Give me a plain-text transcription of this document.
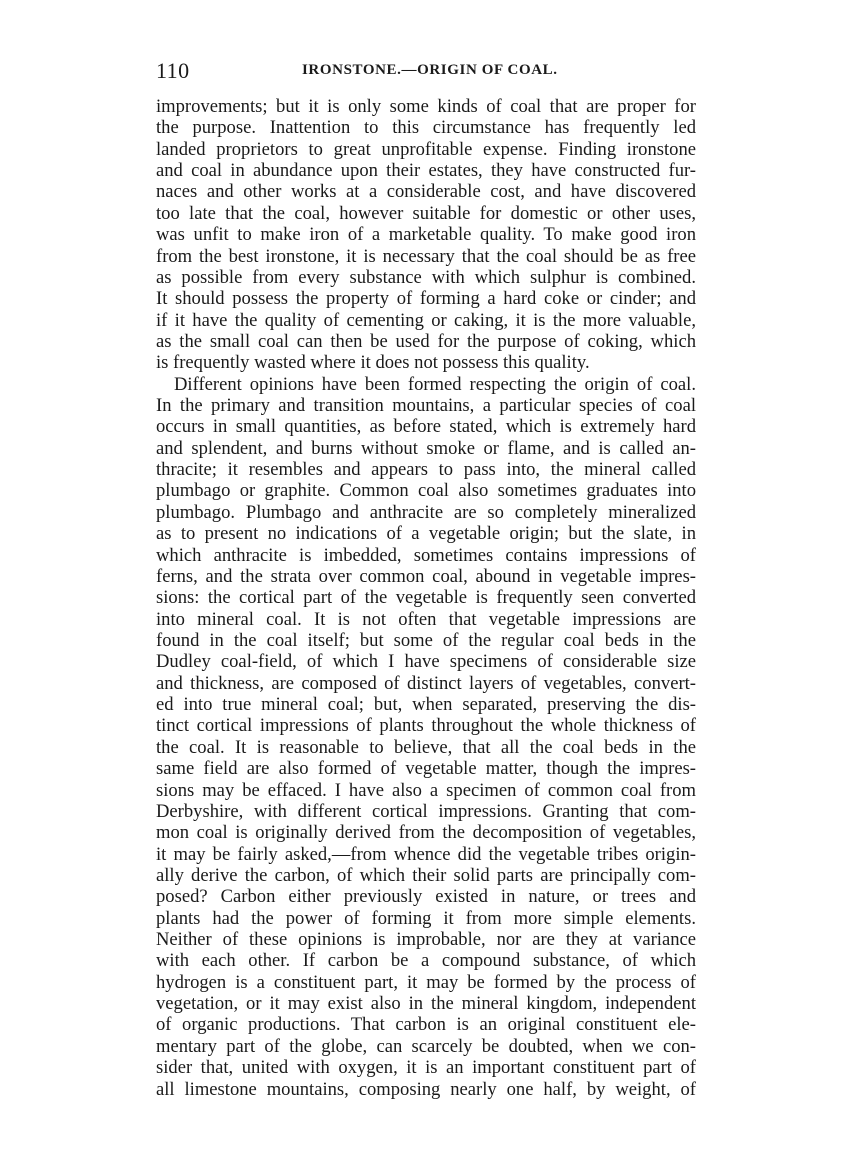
110	IRONSTONE.—ORIGIN OF COAL.
improvements; but it is only some kinds of coal that are proper for
the purpose. Inattention to this circumstance has frequently led
landed proprietors to great unprofitable expense. Finding ironstone
and coal in abundance upon their estates, they have constructed fur-
naces and other works at a considerable cost, and have discovered
too late that the coal, however suitable for domestic or other uses,
was unfit to make iron of a marketable quality. To make good iron
from the best ironstone, it is necessary that the coal should be as free
as possible from every substance with which sulphur is combined.
It should possess the property of forming a hard coke or cinder; and
if it have the quality of cementing or caking, it is the more valuable,
as the small coal can then be used for the purpose of coking, which
is frequently wasted where it does not possess this quality.
Different opinions have been formed respecting the origin of coal.
In the primary and transition mountains, a particular species of coal
occurs in small quantities, as before stated, which is extremely hard
and splendent, and burns without smoke or flame, and is called an-
thracite; it resembles and appears to pass into, the mineral called
plumbago or graphite. Common coal also sometimes graduates into
plumbago. Plumbago and anthracite are so completely mineralized
as to present no indications of a vegetable origin; but the slate, in
which anthracite is imbedded, sometimes contains impressions of
ferns, and the strata over common coal, abound in vegetable impres-
sions: the cortical part of the vegetable is frequently seen converted
into mineral coal. It is not often that vegetable impressions are
found in the coal itself; but some of the regular coal beds in the
Dudley coal-field, of which I have specimens of considerable size
and thickness, are composed of distinct layers of vegetables, convert-
ed into true mineral coal; but, when separated, preserving the dis-
tinct cortical impressions of plants throughout the whole thickness of
the coal. It is reasonable to believe, that all the coal beds in the
same field are also formed of vegetable matter, though the impres-
sions may be effaced. I have also a specimen of common coal from
Derbyshire, with different cortical impressions. Granting that com-
mon coal is originally derived from the decomposition of vegetables,
it may be fairly asked,—from whence did the vegetable tribes origin-
ally derive the carbon, of which their solid parts are principally com-
posed? Carbon either previously existed in nature, or trees and
plants had the power of forming it from more simple elements.
Neither of these opinions is improbable, nor are they at variance
with each other. If carbon be a compound substance, of which
hydrogen is a constituent part, it may be formed by the process of
vegetation, or it may exist also in the mineral kingdom, independent
of organic productions. That carbon is an original constituent ele-
mentary part of the globe, can scarcely be doubted, when we con-
sider that, united with oxygen, it is an important constituent part of
all limestone mountains, composing nearly one half, by weight, of
